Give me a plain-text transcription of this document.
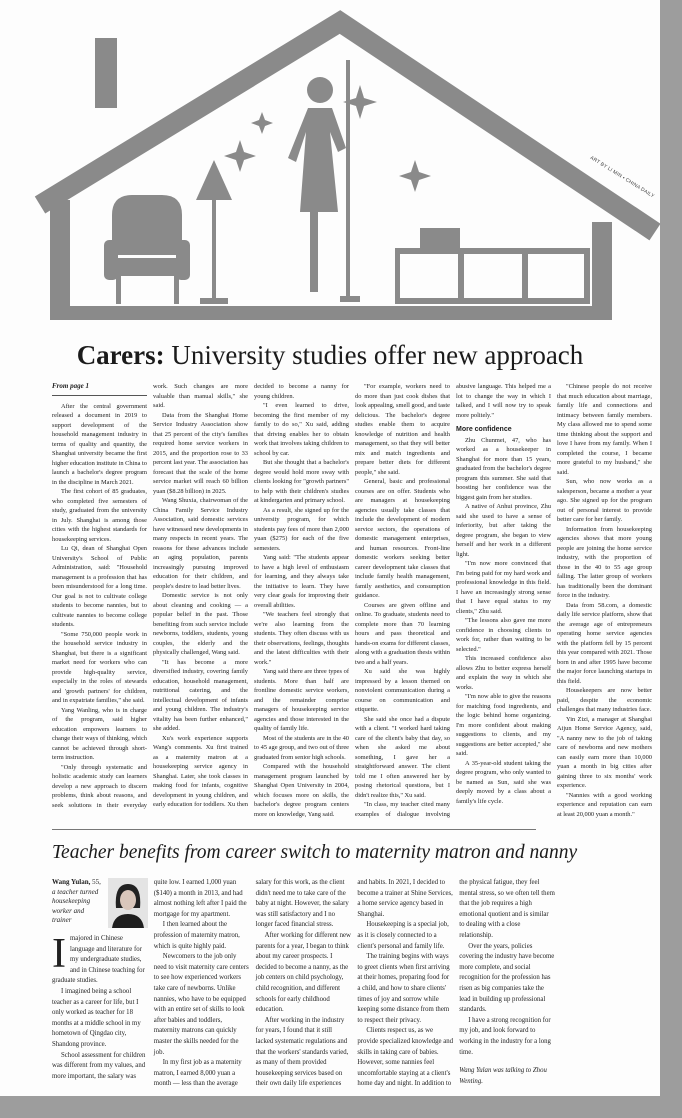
ART BY LI MIN • CHINA DAILY
Carers: University studies offer new approach
From page 1

After the central government released a document in 2019 to support development of the household management industry in terms of quality and quantity, the Shanghai university became the first higher education institute in China to launch a bachelor's degree program in the discipline in March 2021.

The first cohort of 85 graduates, who completed five semesters of study, graduated from the university in July. Shanghai is among those cities with the highest standards for housekeeping services.

Lu Qi, dean of Shanghai Open University's School of Public Administration, said: "Household management is a profession that has been misunderstood for a long time. Our goal is not to cultivate college students to become nannies, but to cultivate nannies to become college students.

"Some 750,000 people work in the household service industry in Shanghai, but there is a significant market need for workers who can provide high-quality service, especially in the roles of stewards and 'growth partners' for children, and in expatriate families," she said.

Yang Wanling, who is in charge of the program, said higher education empowers learners to change their ways of thinking, which cannot be achieved through short-term instruction.

"Only through systematic and holistic academic study can learners develop a new approach to discern problems, think about reasons, and seek solutions in their everyday work. Such changes are more valuable than manual skills," she said.

Data from the Shanghai Home Service Industry Association show that 25 percent of the city's families required home service workers in 2015, and the proportion rose to 33 percent last year. The association has forecast that the scale of the home service market will reach 60 billion yuan ($8.28 billion) in 2025.

Wang Shuxia, chairwoman of the China Family Service Industry Association, said domestic services have witnessed new developments in many respects in recent years. The reasons for these advances include an aging population, parents increasingly pursuing improved education for their children, and people's desire to lead better lives.

Domestic service is not only about cleaning and cooking — a popular belief in the past. Those benefiting from such service include newborns, toddlers, students, young couples, the elderly and the physically challenged, Wang said.

"It has become a more diversified industry, covering family education, household management, nutritional catering, and the intellectual development of infants and young children. The industry's vitality has been further enhanced," she added.

Xu's work experience supports Wang's comments. Xu first trained as a maternity matron at a housekeeping service agency in Shanghai. Later, she took classes in making food for infants, cognitive development in young children, and early education for toddlers. Xu then decided to become a nanny for young children.

"I even learned to drive, becoming the first member of my family to do so," Xu said, adding that driving enables her to obtain work that involves taking children to school by car.

But she thought that a bachelor's degree would hold more sway with clients looking for "growth partners" to help with their children's studies at kindergarten and primary school.

As a result, she signed up for the university program, for which students pay fees of more than 2,000 yuan ($275) for each of the five semesters.

Yang said: "The students appear to have a high level of enthusiasm for learning, and they always take the initiative to learn. They have very clear goals for improving their overall abilities.

"We teachers feel strongly that we're also learning from the students. They often discuss with us their observations, feelings, thoughts and the latest difficulties with their work."

Yang said there are three types of students. More than half are frontline domestic service workers, and the remainder comprise managers of housekeeping service agencies and those interested in the quality of family life.

Most of the students are in the 40 to 45 age group, and two out of three graduated from senior high schools.

Compared with the household management program launched by Shanghai Open University in 2004, which focuses more on skills, the bachelor's degree program centers more on knowledge, Yang said.

"For example, workers need to do more than just cook dishes that look appealing, smell good, and taste delicious. The bachelor's degree studies enable them to acquire knowledge of nutrition and health management, so that they will better mix and match ingredients and prepare better diets for different people," she said.

General, basic and professional courses are on offer. Students who are managers at housekeeping agencies usually take classes that include the development of modern service sectors, the operations of domestic management enterprises, and human resources. Front-line domestic workers seeking better career development take classes that include family health management, family aesthetics, and consumption guidance.

Courses are given offline and online. To graduate, students need to complete more than 70 learning hours and pass theoretical and hands-on exams for different classes, along with a graduation thesis within two and a half years.

Xu said she was highly impressed by a lesson themed on nonviolent communication during a course on communication and etiquette.

She said she once had a dispute with a client. "I worked hard taking care of the client's baby that day, so when she asked me about something, I gave her a straightforward answer. The client told me I often answered her by posing rhetorical questions, but I didn't realize this," Xu said.

"In class, my teacher cited many examples of dialogue involving abusive language. This helped me a lot to change the way in which I talked, and I will now try to speak more politely."

More confidence

Zhu Chunmei, 47, who has worked as a housekeeper in Shanghai for more than 15 years, graduated from the bachelor's degree program this summer. She said that boosting her confidence was the biggest gain from her studies.

A native of Anhui province, Zhu said she used to have a sense of inferiority, but after taking the degree program, she began to view herself and her work in a different light.

"I'm now more convinced that I'm being paid for my hard work and professional knowledge in this field. I have an increasingly strong sense that I have equal status to my clients," Zhu said.

"The lessons also gave me more confidence in choosing clients to work for, rather than waiting to be selected."

This increased confidence also allows Zhu to better express herself and explain the way in which she works.

"I'm now able to give the reasons for matching food ingredients, and the logic behind home organizing. I'm more confident about making suggestions to clients, and my suggestions are better accepted," she said.

A 35-year-old student taking the degree program, who only wanted to be named as Sun, said she was deeply moved by a class about a family's life cycle.

"Chinese people do not receive that much education about marriage, family life and connections and intimacy between family members. My class allowed me to spend some time thinking about the support and love I have from my family. When I completed the course, I became more grateful to my husband," she said.

Sun, who now works as a salesperson, became a mother a year ago. She signed up for the program out of personal interest to provide better care for her family.

Information from housekeeping agencies shows that more young people are joining the home service industry, with the proportion of those in the 40 to 55 age group falling. The latter group of workers has traditionally been the dominant force in the industry.

Data from 58.com, a domestic daily life service platform, show that the average age of entrepreneurs operating home service agencies with the platform fell by 15 percent this year compared with 2021. Those born in and after 1995 have become the major force launching startups in this field.

Housekeepers are now better paid, despite the economic challenges that many industries face.

Yin Zizi, a manager at Shanghai Aijun Home Service Agency, said, "A nanny new to the job of taking care of newborns and new mothers can easily earn more than 10,000 yuan a month in big cities after gaining three to six months' work experience.

"Nannies with a good working experience and reputation can earn at least 20,000 yuan a month."

Teacher benefits from career switch to maternity matron and nanny
Wang Yulan, 55,
a teacher turned housekeeping worker and trainer

Imajored in Chinese language and literature for my undergraduate studies, and in Chinese teaching for graduate studies.

I imagined being a school teacher as a career for life, but I only worked as teacher for 18 months at a middle school in my hometown of Qingdao city, Shandong province.

School assessment for children was different from my values, and more important, the salary was quite low. I earned 1,000 yuan ($140) a month in 2013, and had almost nothing left after I paid the mortgage for my apartment.

I then learned about the profession of maternity matron, which is quite highly paid.

Newcomers to the job only need to visit maternity care centers to see how experienced workers take care of newborns. Unlike nannies, who have to be equipped with an entire set of skills to look after babies and toddlers, maternity matrons can quickly master the skills needed for the job.

In my first job as a maternity matron, I earned 8,000 yuan a month — less than the average salary for this work, as the client didn't need me to take care of the baby at night. However, the salary was still satisfactory and I no longer faced financial stress.

After working for different new parents for a year, I began to think about my career prospects. I decided to become a nanny, as the job centers on child psychology, child recognition, and different schools for early childhood education.

After working in the industry for years, I found that it still lacked systematic regulations and that the workers' standards varied, as many of them provided housekeeping services based on their own daily life experiences and habits. In 2021, I decided to become a trainer at Shine Services, a home service agency based in Shanghai.

Housekeeping is a special job, as it is closely connected to a client's personal and family life.

The training begins with ways to greet clients when first arriving at their homes, preparing food for a child, and how to share clients' times of joy and sorrow while keeping some distance from them to respect their privacy.

Clients respect us, as we provide specialized knowledge and skills in taking care of babies. However, some nannies feel uncomfortable staying at a client's home day and night. In addition to the physical fatigue, they feel mental stress, so we often tell them that the job requires a high emotional quotient and is similar to dealing with a close relationship.

Over the years, policies covering the industry have become more complete, and social recognition for the profession has risen as big companies take the lead in building up professional standards.

I have a strong recognition for my job, and look forward to working in the industry for a long time.

Wang Yulan was talking to Zhou Wenting.
